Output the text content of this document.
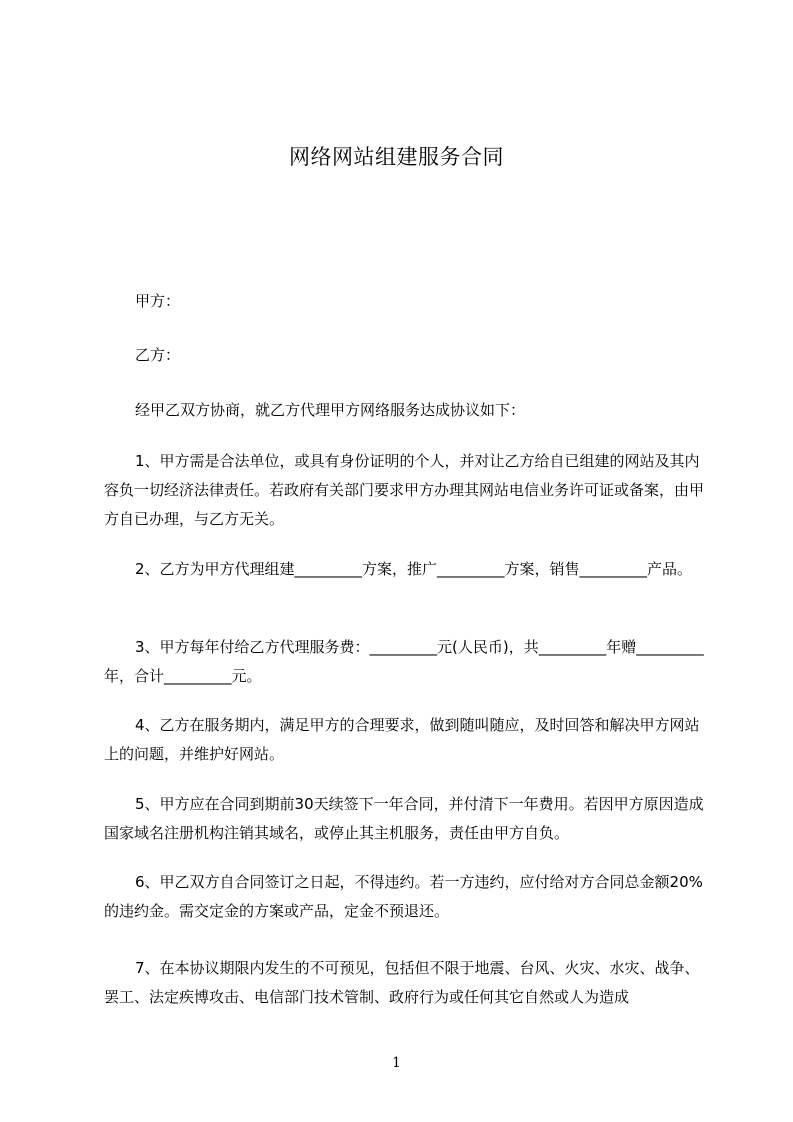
网络网站组建服务合同

甲方：

乙方：

经甲乙双方协商，就乙方代理甲方网络服务达成协议如下：

1、甲方需是合法单位，或具有身份证明的个人，并对让乙方给自已组建的网站及其内容负一切经济法律责任。若政府有关部门要求甲方办理其网站电信业务许可证或备案，由甲方自已办理，与乙方无关。

2、乙方为甲方代理组建_________方案，推广_________方案，销售_________产品。

3、甲方每年付给乙方代理服务费：_________元(人民币)，共_________年赠_________年，合计_________元。

4、乙方在服务期内，满足甲方的合理要求，做到随叫随应，及时回答和解决甲方网站上的问题，并维护好网站。

5、甲方应在合同到期前30天续签下一年合同，并付清下一年费用。若因甲方原因造成国家域名注册机构注销其域名，或停止其主机服务，责任由甲方自负。

6、甲乙双方自合同签订之日起，不得违约。若一方违约，应付给对方合同总金额20%的违约金。需交定金的方案或产品，定金不预退还。

7、在本协议期限内发生的不可预见，包括但不限于地震、台风、火灾、水灾、战争、罢工、法定疾博攻击、电信部门技术管制、政府行为或任何其它自然或人为造成

1
